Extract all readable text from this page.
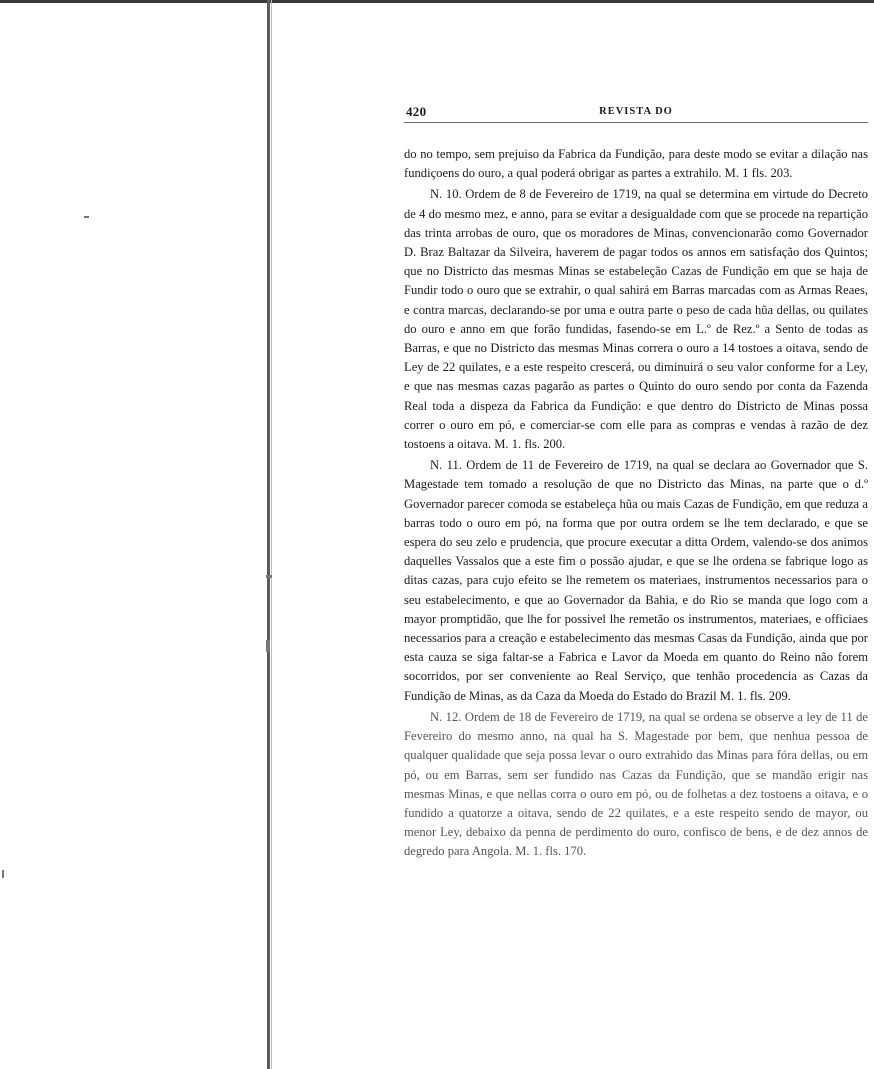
420	REVISTA DO

do no tempo, sem prejuiso da Fabrica da Fundição, para deste modo se evitar a dilação nas fundiçoens do ouro, a qual poderá obrigar as partes a extrahilo. M. 1 fls. 203.

N. 10. Ordem de 8 de Fevereiro de 1719, na qual se determina em virtude do Decreto de 4 do mesmo mez, e anno, para se evitar a desigualdade com que se procede na repartição das trinta arrobas de ouro, que os moradores de Minas, convencionarão como Governador D. Braz Baltazar da Silveira, haverem de pagar todos os annos em satisfação dos Quintos; que no Districto das mesmas Minas se estabeleção Cazas de Fundição em que se haja de Fundir todo o ouro que se extrahir, o qual sahirá em Barras marcadas com as Armas Reaes, e contra marcas, declarando-se por uma e outra parte o peso de cada hũa dellas, ou quilates do ouro e anno em que forão fundidas, fasendo-se em L.º de Rez.º a Sento de todas as Barras, e que no Districto das mesmas Minas correra o ouro a 14 tostoes a oitava, sendo de Ley de 22 quilates, e a este respeito crescerá, ou diminuirá o seu valor conforme for a Ley, e que nas mesmas cazas pagarão as partes o Quinto do ouro sendo por conta da Fazenda Real toda a dispeza da Fabrica da Fundição: e que dentro do Districto de Minas possa correr o ouro em pó, e comerciar-se com elle para as compras e vendas à razão de dez tostoens a oitava. M. 1. fls. 200.

N. 11. Ordem de 11 de Fevereiro de 1719, na qual se declara ao Governador que S. Magestade tem tomado a resolução de que no Districto das Minas, na parte que o d.º Governador parecer comoda se estabeleça hũa ou mais Cazas de Fundição, em que reduza a barras todo o ouro em pó, na forma que por outra ordem se lhe tem declarado, e que se espera do seu zelo e prudencia, que procure executar a ditta Ordem, valendo-se dos animos daquelles Vassalos que a este fim o possão ajudar, e que se lhe ordena se fabrique logo as ditas cazas, para cujo efeito se lhe remetem os materiaes, instrumentos necessarios para o seu estabelecimento, e que ao Governador da Bahia, e do Rio se manda que logo com a mayor promptidão, que lhe for possivel lhe remetão os instrumentos, materiaes, e officiaes necessarios para a creação e estabelecimento das mesmas Casas da Fundição, ainda que por esta cauza se siga faltar-se a Fabrica e Lavor da Moeda em quanto do Reino não forem socorridos, por ser conveniente ao Real Serviço, que tenhão procedencia as Cazas da Fundição de Minas, as da Caza da Moeda do Estado do Brazil M. 1. fls. 209.

N. 12. Ordem de 18 de Fevereiro de 1719, na qual se ordena se observe a ley de 11 de Fevereiro do mesmo anno, na qual ha S. Magestade por bem, que nenhua pessoa de qualquer qualidade que seja possa levar o ouro extrahido das Minas para fóra dellas, ou em pó, ou em Barras, sem ser fundido nas Cazas da Fundição, que se mandão erigir nas mesmas Minas, e que nellas corra o ouro em pó, ou de folhetas a dez tostoens a oitava, e o fundido a quatorze a oitava, sendo de 22 quilates, e a este respeito sendo de mayor, ou menor Ley, debaixo da penna de perdimento do ouro, confisco de bens, e de dez annos de degredo para Angola. M. 1. fls. 170.
